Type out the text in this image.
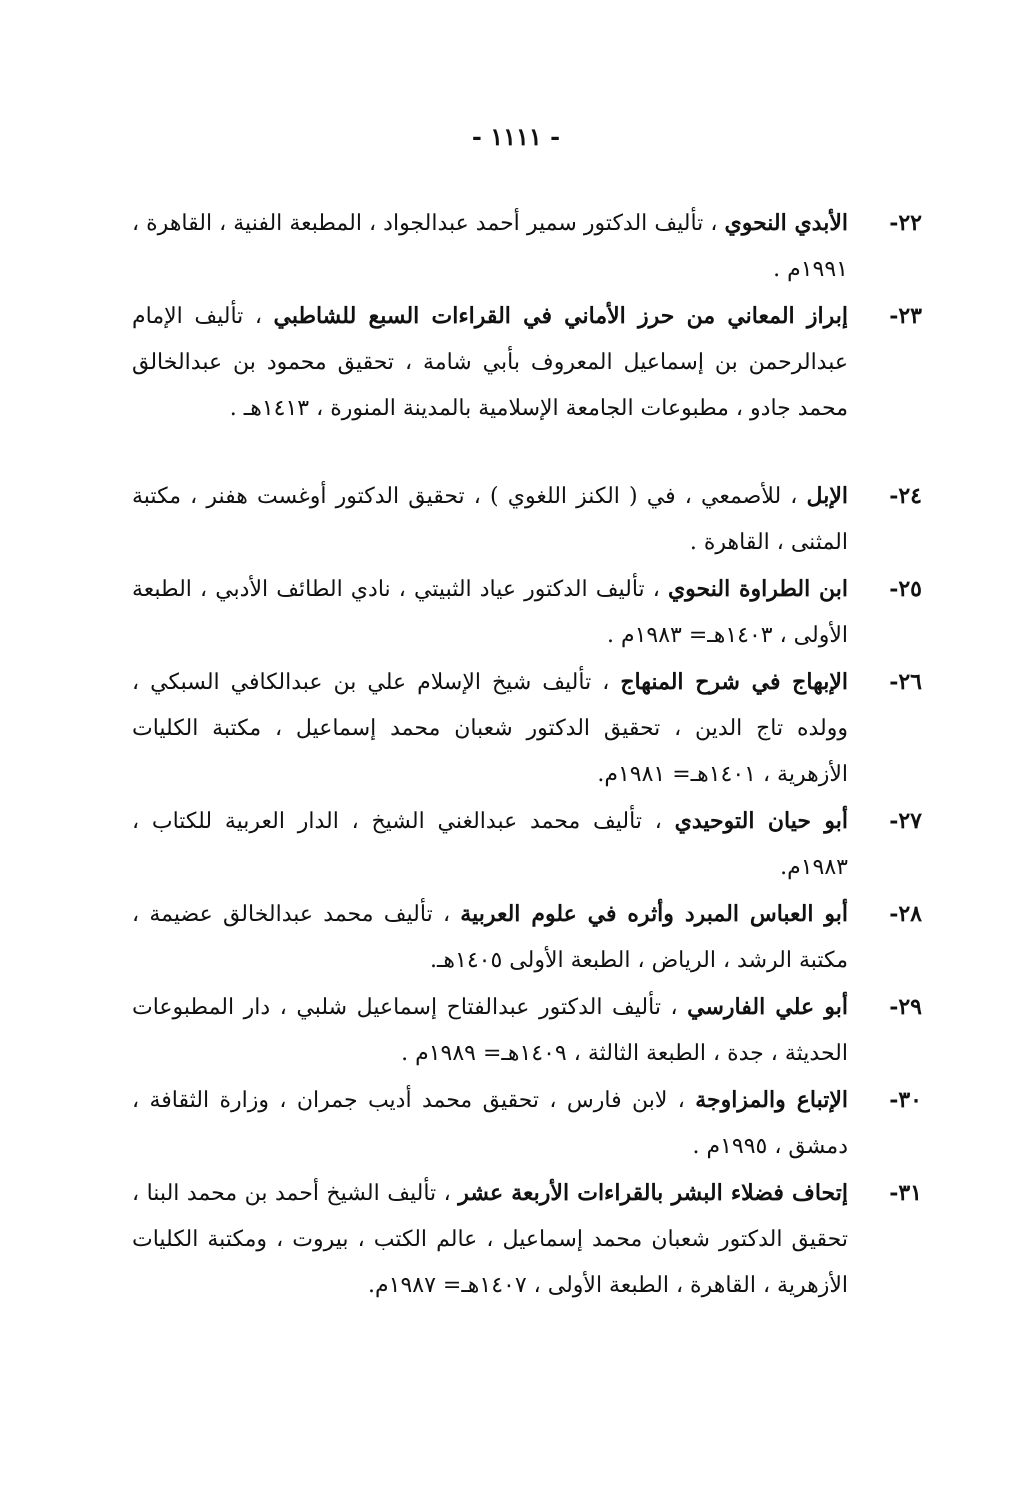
- ١١١١ -
٢٢-
الأبدي النحوي ، تأليف الدكتور سمير أحمد عبدالجواد ، المطبعة الفنية ، القاهرة ، ١٩٩١م .
٢٣-
إبراز المعاني من حرز الأماني في القراءات السبع للشاطبي ، تأليف الإمام عبدالرحمن بن إسماعيل المعروف بأبي شامة ، تحقيق محمود بن عبدالخالق محمد جادو ، مطبوعات الجامعة الإسلامية بالمدينة المنورة ، ١٤١٣هـ .
٢٤-
الإبل ، للأصمعي ، في ( الكنز اللغوي ) ، تحقيق الدكتور أوغست هفنر ، مكتبة المثنى ، القاهرة .
٢٥-
ابن الطراوة النحوي ، تأليف الدكتور عياد الثبيتي ، نادي الطائف الأدبي ، الطبعة الأولى ، ١٤٠٣هـ= ١٩٨٣م .
٢٦-
الإبهاج في شرح المنهاج ، تأليف شيخ الإسلام علي بن عبدالكافي السبكي ، وولده تاج الدين ، تحقيق الدكتور شعبان محمد إسماعيل ، مكتبة الكليات الأزهرية ، ١٤٠١هـ= ١٩٨١م.
٢٧-
أبو حيان التوحيدي ، تأليف محمد عبدالغني الشيخ ، الدار العربية للكتاب ، ١٩٨٣م.
٢٨-
أبو العباس المبرد وأثره في علوم العربية ، تأليف محمد عبدالخالق عضيمة ، مكتبة الرشد ، الرياض ، الطبعة الأولى ١٤٠٥هـ.
٢٩-
أبو علي الفارسي ، تأليف الدكتور عبدالفتاح إسماعيل شلبي ، دار المطبوعات الحديثة ، جدة ، الطبعة الثالثة ، ١٤٠٩هـ= ١٩٨٩م .
٣٠-
الإتباع والمزاوجة ، لابن فارس ، تحقيق محمد أديب جمران ، وزارة الثقافة ، دمشق ، ١٩٩٥م .
٣١-
إتحاف فضلاء البشر بالقراءات الأربعة عشر ، تأليف الشيخ أحمد بن محمد البنا ، تحقيق الدكتور شعبان محمد إسماعيل ، عالم الكتب ، بيروت ، ومكتبة الكليات الأزهرية ، القاهرة ، الطبعة الأولى ، ١٤٠٧هـ= ١٩٨٧م.
